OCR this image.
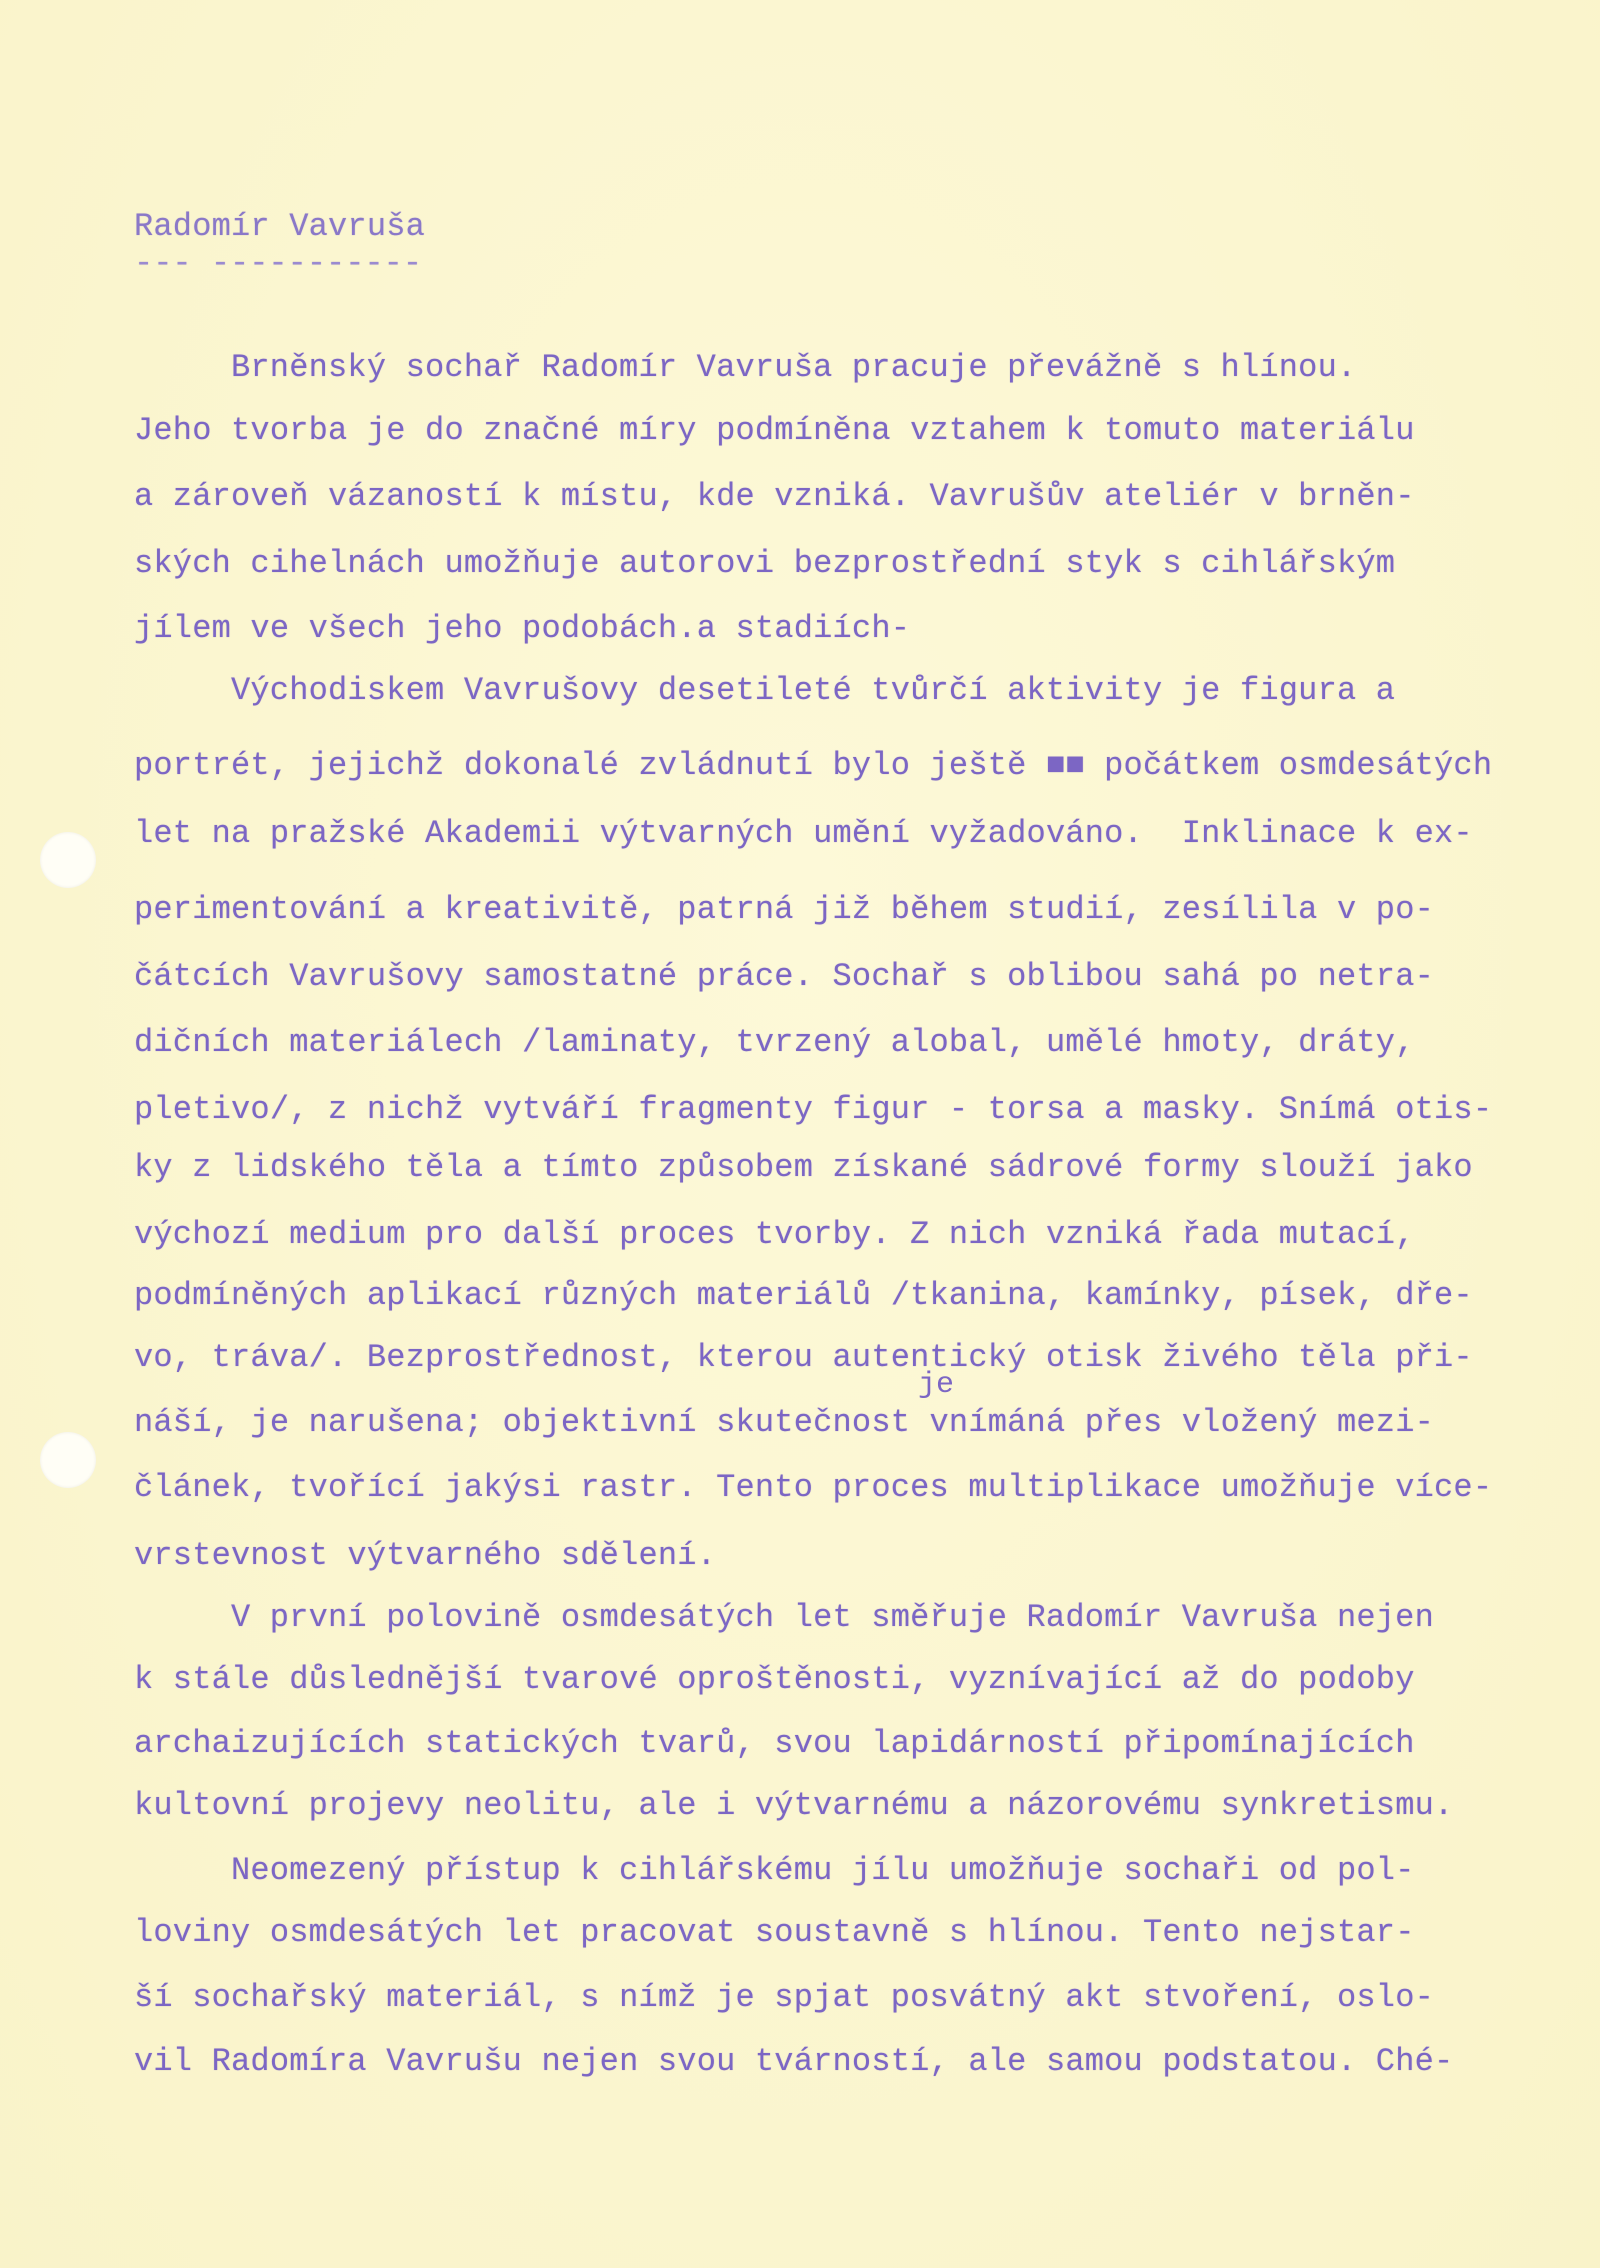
Radomír Vavruša
--- -----------
Brněnský sochař Radomír Vavruša pracuje převážně s hlínou.
Jeho tvorba je do značné míry podmíněna vztahem k tomuto materiálu
a zároveň vázaností k místu, kde vzniká. Vavrušův ateliér v brněn-
ských cihelnách umožňuje autorovi bezprostřední styk s cihlářským
jílem ve všech jeho podobách.a stadiích-
Východiskem Vavrušovy desetileté tvůrčí aktivity je figura a
portrét, jejichž dokonalé zvládnutí bylo ještě ■■ počátkem osmdesátých
let na pražské Akademii výtvarných umění vyžadováno.  Inklinace k ex-
perimentování a kreativitě, patrná již během studií, zesílila v po-
čátcích Vavrušovy samostatné práce. Sochař s oblibou sahá po netra-
dičních materiálech /laminaty, tvrzený alobal, umělé hmoty, dráty,
pletivo/, z nichž vytváří fragmenty figur - torsa a masky. Snímá otis-
ky z lidského těla a tímto způsobem získané sádrové formy slouží jako
výchozí medium pro další proces tvorby. Z nich vzniká řada mutací,
podmíněných aplikací různých materiálů /tkanina, kamínky, písek, dře-
vo, tráva/. Bezprostřednost, kterou autentický otisk živého těla při-
je
náší, je narušena; objektivní skutečnost vnímáná přes vložený mezi-
článek, tvořící jakýsi rastr. Tento proces multiplikace umožňuje více-
vrstevnost výtvarného sdělení.
V první polovině osmdesátých let směřuje Radomír Vavruša nejen
k stále důslednější tvarové oproštěnosti, vyznívající až do podoby
archaizujících statických tvarů, svou lapidárností připomínajících
kultovní projevy neolitu, ale i výtvarnému a názorovému synkretismu.
Neomezený přístup k cihlářskému jílu umožňuje sochaři od pol-
loviny osmdesátých let pracovat soustavně s hlínou. Tento nejstar-
ší sochařský materiál, s nímž je spjat posvátný akt stvoření, oslo-
vil Radomíra Vavrušu nejen svou tvárností, ale samou podstatou. Ché-
